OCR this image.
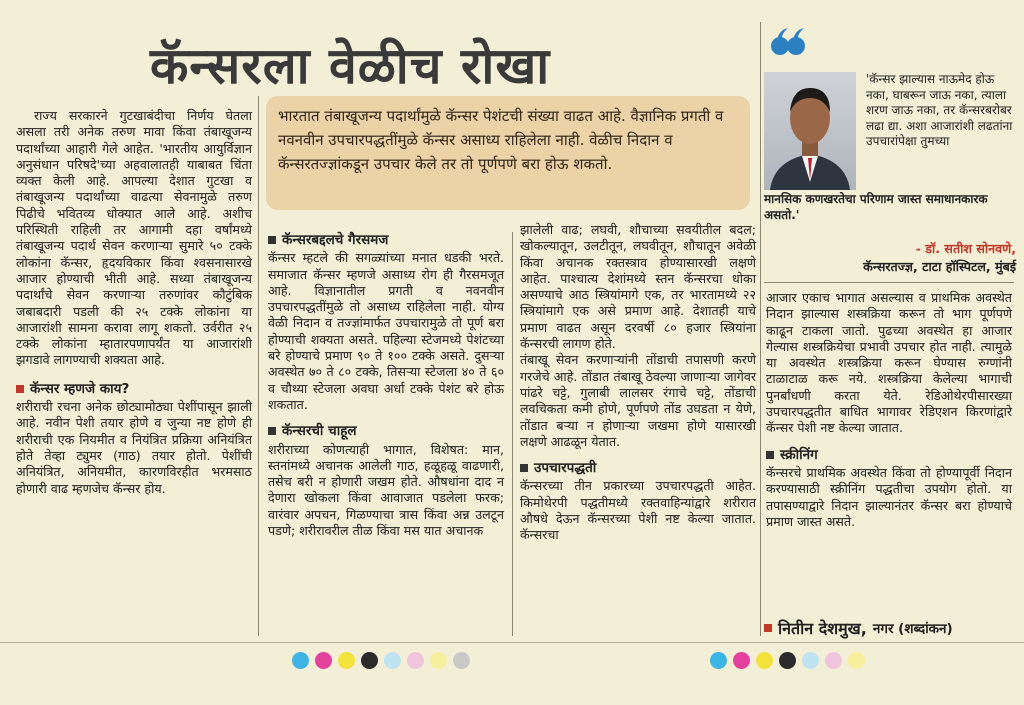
कॅन्सरला वेळीच रोखा

राज्य सरकारने गुटखाबंदीचा निर्णय घेतला असला तरी अनेक तरुण मावा किंवा तंबाखूजन्य पदार्थांच्या आहारी गेले आहेत. 'भारतीय आयुर्विज्ञान अनुसंधान परिषदे'च्या अहवालातही याबाबत चिंता व्यक्त केली आहे. आपल्या देशात गुटखा व तंबाखूजन्य पदार्थांच्या वाढत्या सेवनामुळे तरुण पिढीचे भवितव्य धोक्यात आले आहे. अशीच परिस्थिती राहिली तर आगामी दहा वर्षांमध्ये तंबाखूजन्य पदार्थ सेवन करणाऱ्या सुमारे ५० टक्के लोकांना कॅन्सर, हृदयविकार किंवा श्वसनासारखे आजार होण्याची भीती आहे. सध्या तंबाखूजन्य पदार्थांचे सेवन करणाऱ्या तरुणांवर कौटुंबिक जबाबदारी पडली की २५ टक्के लोकांना या आजारांशी सामना करावा लागू शकतो. उर्वरीत २५ टक्के लोकांना म्हातारपणापर्यंत या आजारांशी झगडावे लागण्याची शक्यता आहे.

कॅन्सर म्हणजे काय?

शरीराची रचना अनेक छोट्यामोठ्या पेशींपासून झाली आहे. नवीन पेशी तयार होणे व जुन्या नष्ट होणे ही शरीराची एक नियमीत व नियंत्रित प्रक्रिया अनियंत्रित होते तेव्हा ट्युमर (गाठ) तयार होतो. पेशींची अनियंत्रित, अनियमीत, कारणविरहीत भरमसाठ होणारी वाढ म्हणजेच कॅन्सर होय.

भारतात तंबाखूजन्य पदार्थांमुळे कॅन्सर पेशंटची संख्या वाढत आहे. वैज्ञानिक प्रगती व नवनवीन उपचारपद्धतींमुळे कॅन्सर असाध्य राहिलेला नाही. वेळीच निदान व कॅन्सरतज्ज्ञांकडून उपचार केले तर तो पूर्णपणे बरा होऊ शकतो.
कॅन्सरबद्दलचे गैरसमज

कॅन्सर म्हटले की सगळ्यांच्या मनात धडकी भरते. समाजात कॅन्सर म्हणजे असाध्य रोग ही गैरसमजूत आहे. विज्ञानातील प्रगती व नवनवीन उपचारपद्धतींमुळे तो असाध्य राहिलेला नाही. योग्य वेळी निदान व तज्ज्ञांमार्फत उपचारामुळे तो पूर्ण बरा होण्याची शक्यता असते. पहिल्या स्टेजमध्ये पेशंटच्या बरे होण्याचे प्रमाण ९० ते १०० टक्के असते. दुसऱ्या अवस्थेत ७० ते ८० टक्के, तिसऱ्या स्टेजला ४० ते ६० व चौथ्या स्टेजला अवघा अर्धा टक्के पेशंट बरे होऊ शकतात.

कॅन्सरची चाहूल

शरीराच्या कोणत्याही भागात, विशेषत: मान, स्तनांमध्ये अचानक आलेली गाठ, हळूहळू वाढणारी, तसेच बरी न होणारी जखम होते. औषधांना दाद न देणारा खोकला किंवा आवाजात पडलेला फरक; वारंवार अपचन, गिळण्याचा त्रास किंवा अन्न उलटून पडणे; शरीरावरील तीळ किंवा मस यात अचानक

झालेली वाढ; लघवी, शौचाच्या सवयीतील बदल; खोकल्यातून, उलटीतून, लघवीतून, शौचातून अवेळी किंवा अचानक रक्तस्त्राव होण्यासारखी लक्षणे आहेत. पाश्चात्य देशांमध्ये स्तन कॅन्सरचा धोका असण्याचे आठ स्त्रियांमागे एक, तर भारतामध्ये २२ स्त्रियांमागे एक असे प्रमाण आहे. देशातही याचे प्रमाण वाढत असून दरवर्षी ८० हजार स्त्रियांना कॅन्सरची लागण होते.

तंबाखू सेवन करणाऱ्यांनी तोंडाची तपासणी करणे गरजेचे आहे. तोंडात तंबाखू ठेवल्या जाणाऱ्या जागेवर पांढरे चट्टे, गुलाबी लालसर रंगाचे चट्टे, तोंडाची लवचिकता कमी होणे, पूर्णपणे तोंड उघडता न येणे, तोंडात बऱ्या न होणाऱ्या जखमा होणे यासारखी लक्षणे आढळून येतात.

उपचारपद्धती

कॅन्सरच्या तीन प्रकारच्या उपचारपद्धती आहेत. किमोथेरपी पद्धतीमध्ये रक्तवाहिन्यांद्वारे शरीरात औषधे देऊन कॅन्सरच्या पेशी नष्ट केल्या जातात. कॅन्सरचा

'कॅन्सर झाल्यास नाऊमेद होऊ नका, घाबरून जाऊ नका, त्याला शरण जाऊ नका, तर कॅन्सरबरोबर लढा द्या. अशा आजारांशी लढतांना उपचारांपेक्षा तुमच्या
मानसिक कणखरतेचा परिणाम जास्त समाधानकारक असतो.'
- डॉ. सतीश सोनवणे,
कॅन्सरतज्ज्ञ, टाटा हॉस्पिटल, मुंबई

आजार एकाच भागात असल्यास व प्राथमिक अवस्थेत निदान झाल्यास शस्त्रक्रिया करून तो भाग पूर्णपणे काढून टाकला जातो. पुढच्या अवस्थेत हा आजार गेल्यास शस्त्रक्रियेचा प्रभावी उपचार होत नाही. त्यामुळे या अवस्थेत शस्त्रक्रिया करून घेण्यास रुग्णांनी टाळाटाळ करू नये. शस्त्रक्रिया केलेल्या भागाची पुनर्बांधणी करता येते. रेडिओथेरपीसारख्या उपचारपद्धतीत बाधित भागावर रेडिएशन किरणांद्वारे कॅन्सर पेशी नष्ट केल्या जातात.

स्क्रीनिंग

कॅन्सरचे प्राथमिक अवस्थेत किंवा तो होण्यापूर्वी निदान करण्यासाठी स्क्रीनिंग पद्धतीचा उपयोग होतो. या तपासण्याद्वारे निदान झाल्यानंतर कॅन्सर बरा होण्याचे प्रमाण जास्त असते.

नितीन देशमुख, नगर (शब्दांकन)
